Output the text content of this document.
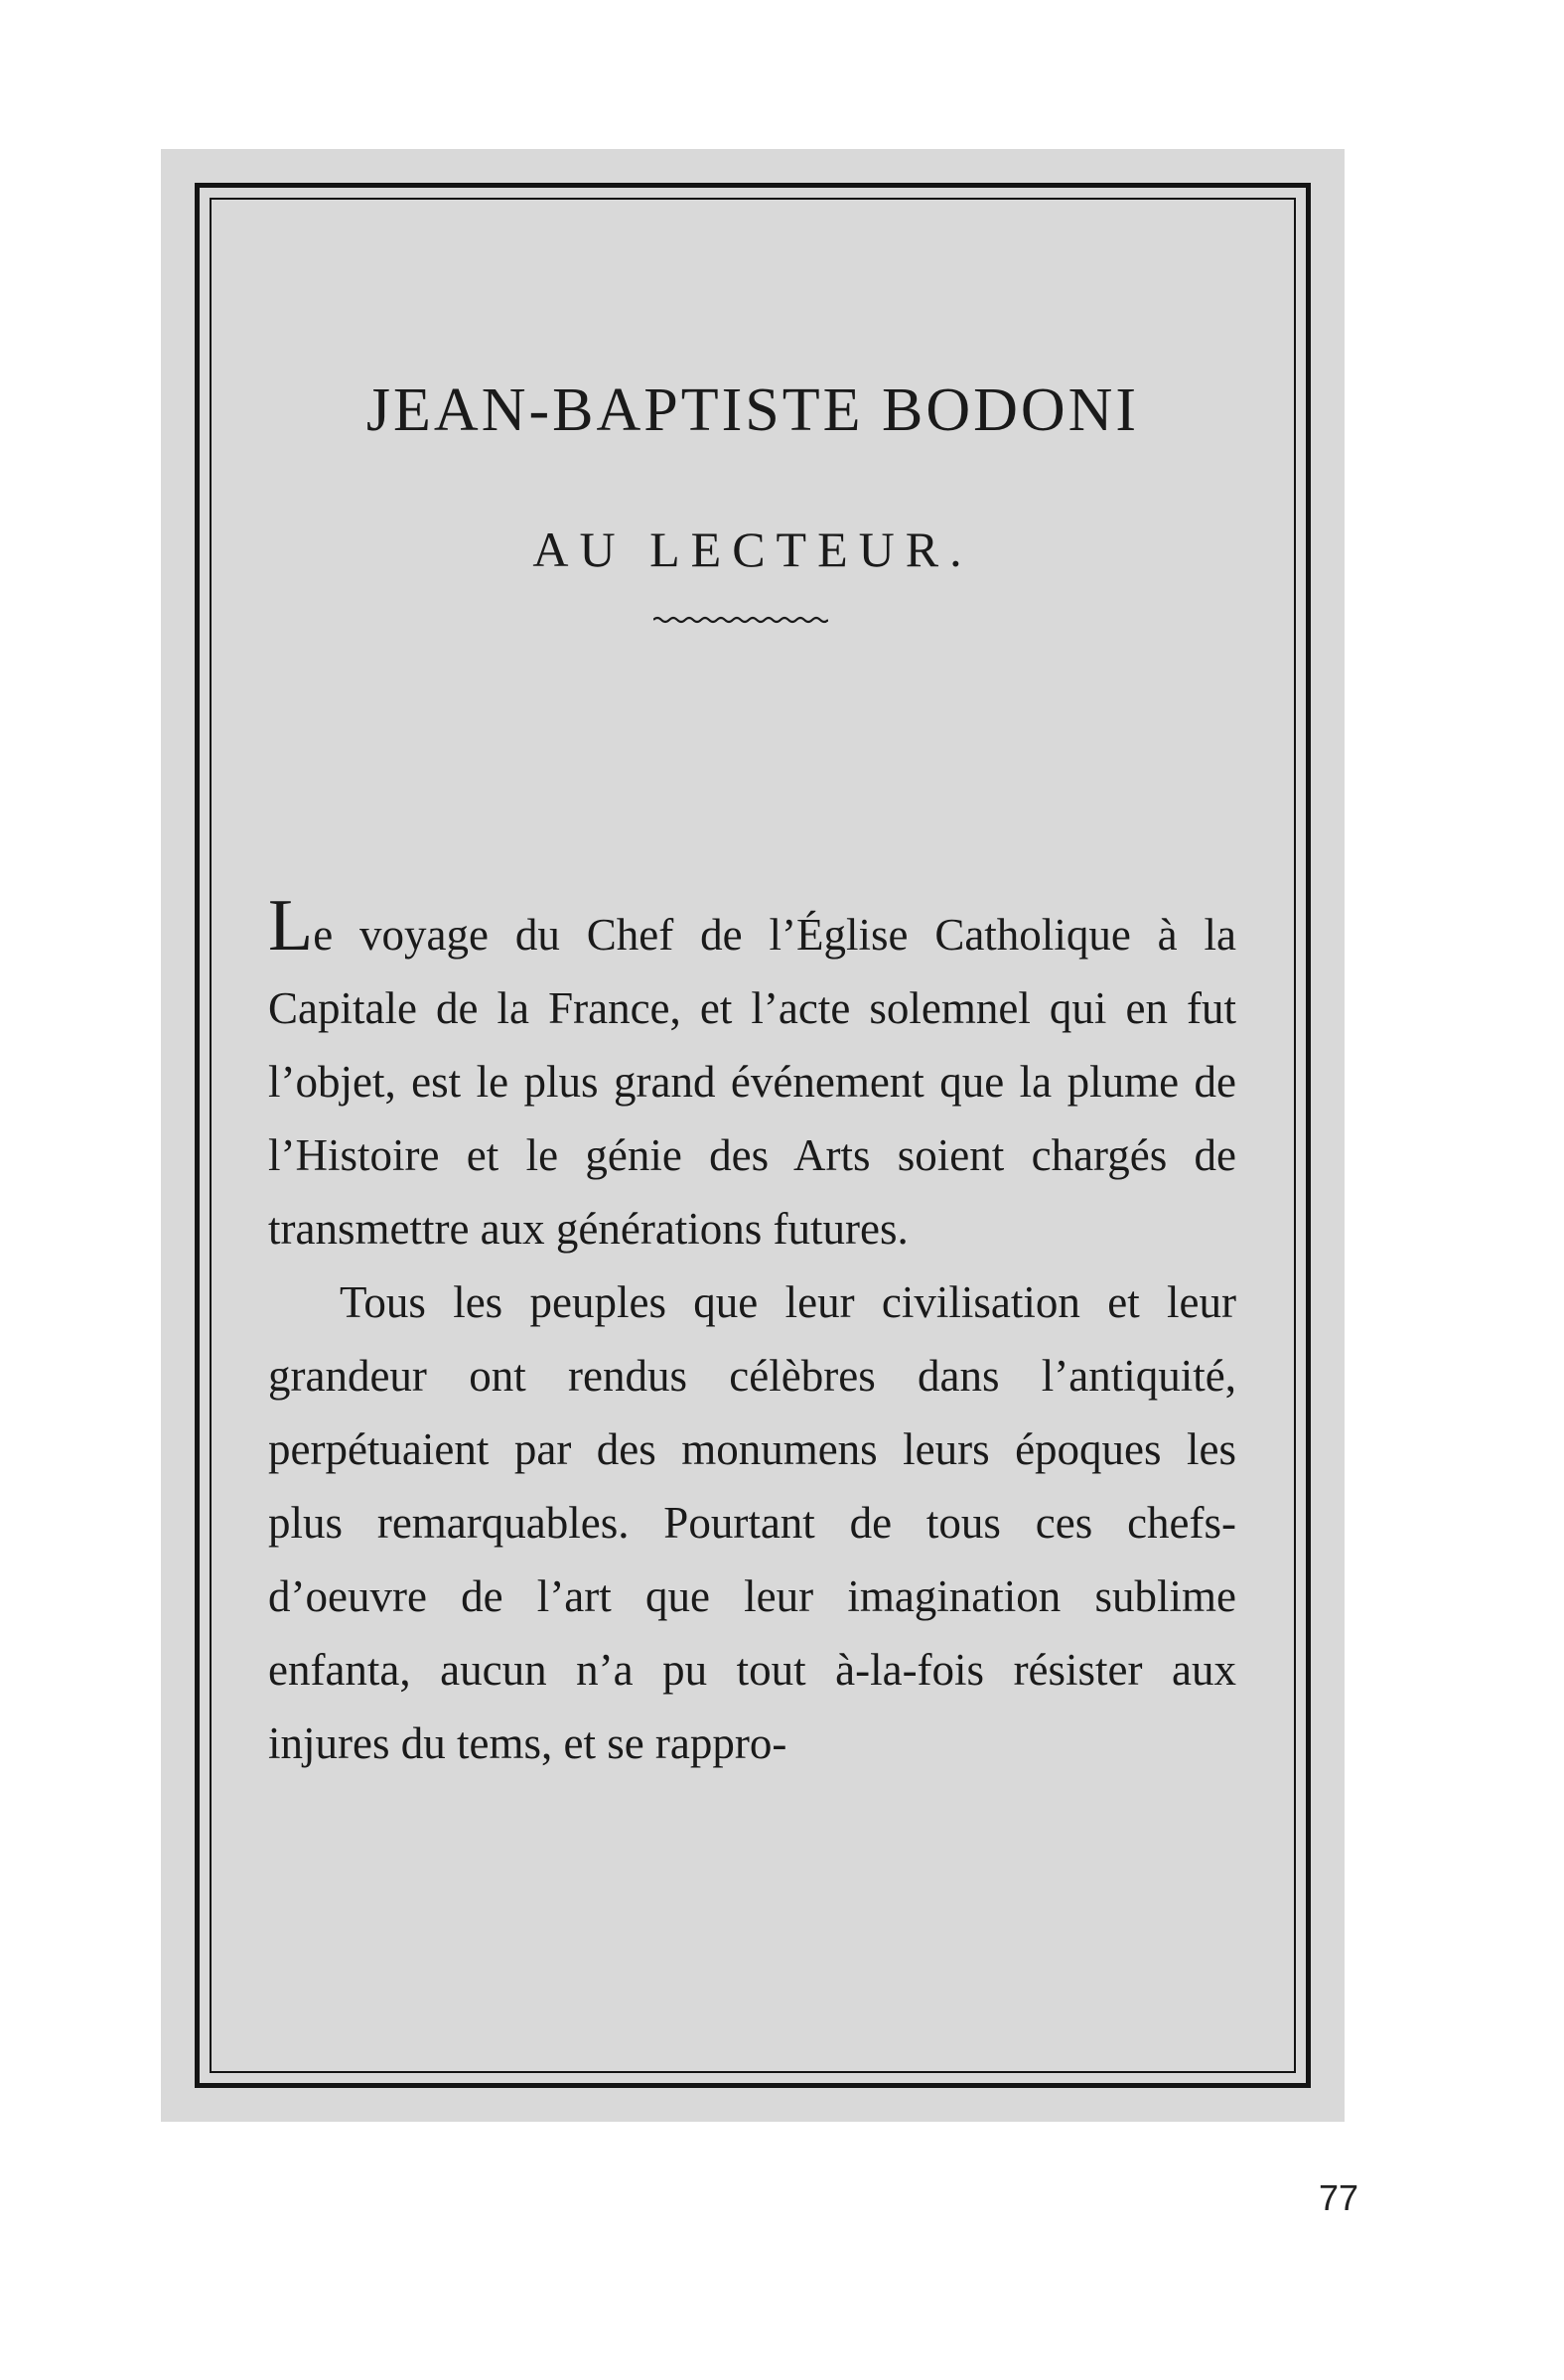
JEAN-BAPTISTE BODONI
AU LECTEUR.

Le voyage du Chef de l’Église Catholique à la Capitale de la France, et l’acte solemnel qui en fut l’objet, est le plus grand événement que la plume de l’Histoire et le génie des Arts soient chargés de transmettre aux générations futures.

Tous les peuples que leur civilisation et leur grandeur ont rendus célèbres dans l’antiquité, perpétuaient par des monumens leurs époques les plus remarquables. Pourtant de tous ces chefs-d’oeuvre de l’art que leur imagination sublime enfanta, aucun n’a pu tout à-la-fois résister aux injures du tems, et se rappro-

77
